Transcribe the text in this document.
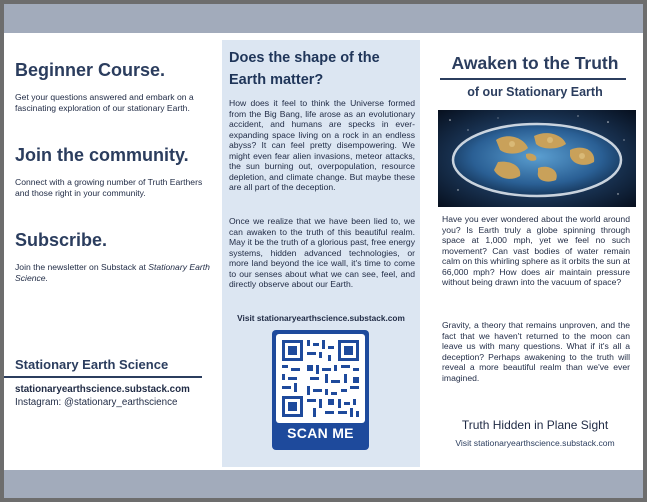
Beginner Course.

Get your questions answered and embark on a fascinating exploration of our stationary Earth.

Join the community.

Connect with a growing number of Truth Earthers and those right in your community.

Subscribe.

Join the newsletter on Substack at Stationary Earth Science.

Stationary Earth Science
stationaryearthscience.substack.com
Instagram: @stationary_earthscience
Does the shape of the Earth matter?

How does it feel to think the Universe formed from the Big Bang, life arose as an evolutionary accident, and humans are specks in ever-expanding space living on a rock in an endless abyss? It can feel pretty disempowering. We might even fear alien invasions, meteor attacks, the sun burning out, overpopulation, resource depletion, and climate change. But maybe these are all part of the deception.

Once we realize that we have been lied to, we can awaken to the truth of this beautiful realm. May it be the truth of a glorious past, free energy systems, hidden advanced technologies, or more land beyond the ice wall, it's time to come to our senses about what we can see, feel, and directly observe about our Earth.

Visit stationaryearthscience.substack.com
SCAN ME
Awaken to the Truth
of our Stationary Earth

Have you ever wondered about the world around you? Is Earth truly a globe spinning through space at 1,000 mph, yet we feel no such movement? Can vast bodies of water remain calm on this whirling sphere as it orbits the sun at 66,000 mph? How does air maintain pressure without being drawn into the vacuum of space?

Gravity, a theory that remains unproven, and the fact that we haven't returned to the moon can leave us with many questions. What if it's all a deception? Perhaps awakening to the truth will reveal a more beautiful realm than we've ever imagined.

Truth Hidden in Plane Sight
Visit stationaryearthscience.substack.com
